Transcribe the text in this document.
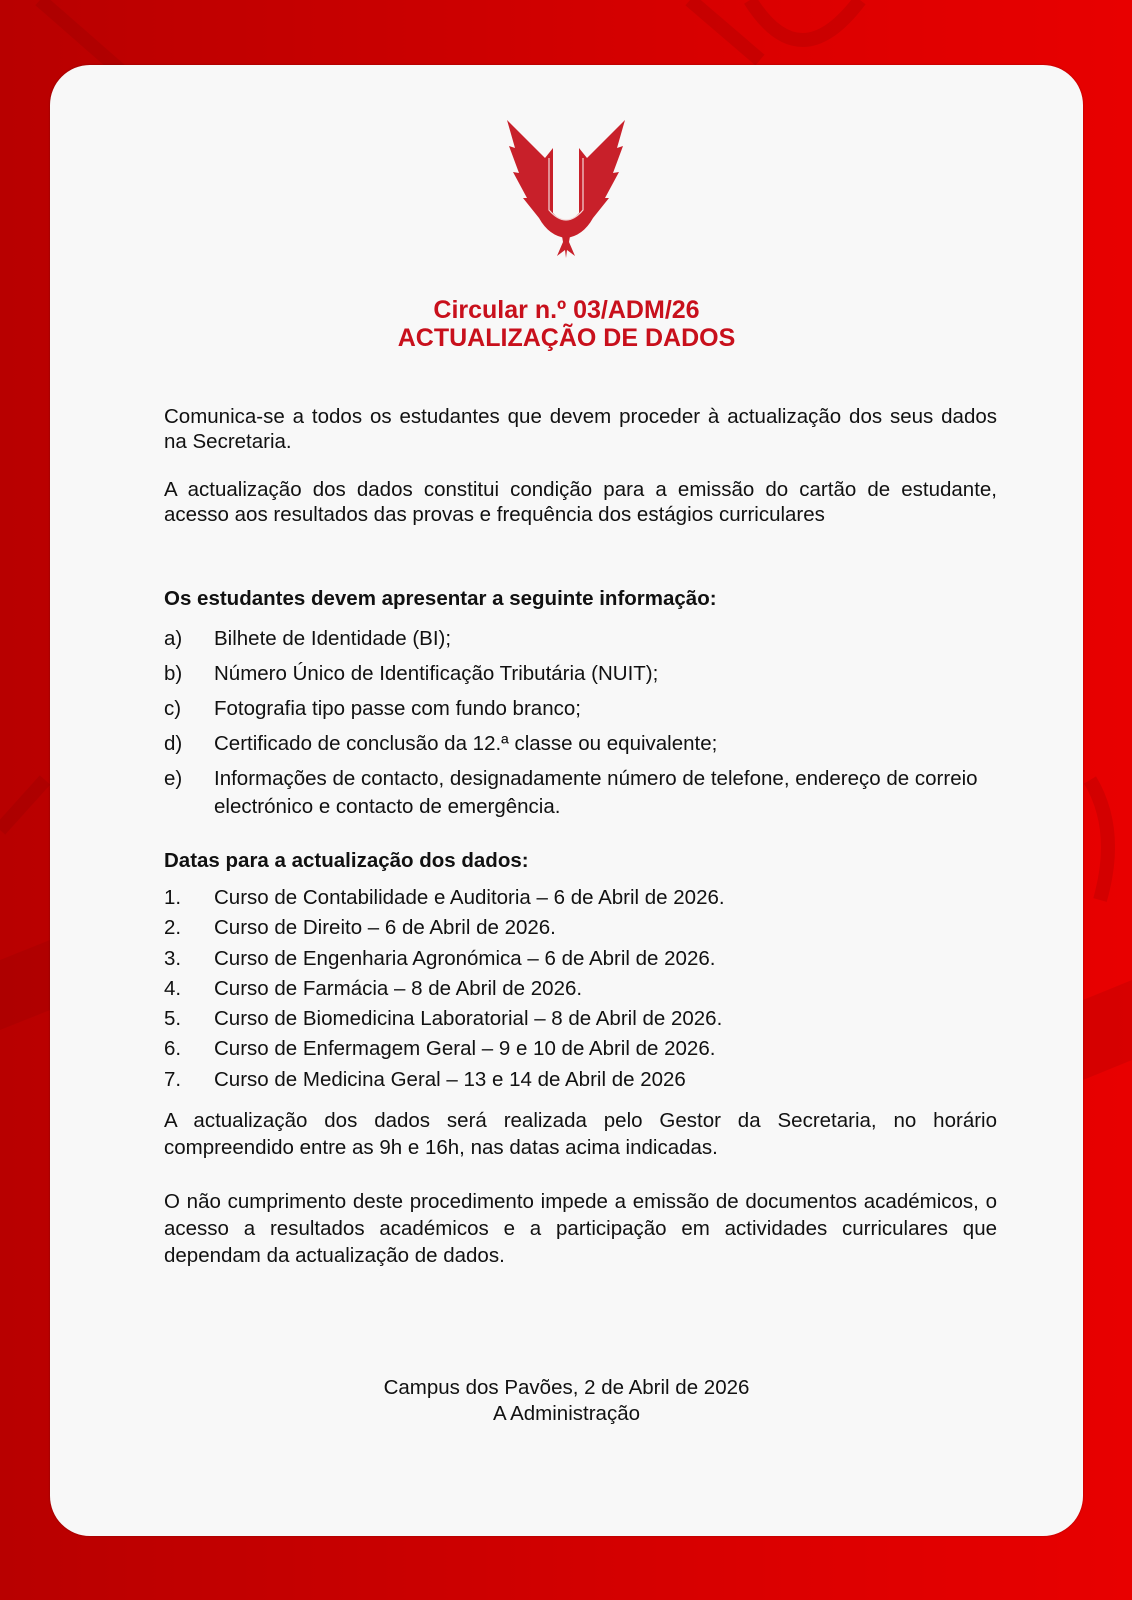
Circular n.º 03/ADM/26
ACTUALIZAÇÃO DE DADOS
Comunica-se a todos os estudantes que devem proceder à actualização dos seus dados na Secretaria.
A actualização dos dados constitui condição para a emissão do cartão de estudante, acesso aos resultados das provas e frequência dos estágios curriculares
Os estudantes devem apresentar a seguinte informação:
a)	Bilhete de Identidade (BI);
b)	Número Único de Identificação Tributária (NUIT);
c)	Fotografia tipo passe com fundo branco;
d)	Certificado de conclusão da 12.ª classe ou equivalente;
e)	Informações de contacto, designadamente número de telefone, endereço de correio electrónico e contacto de emergência.
Datas para a actualização dos dados:
1.	Curso de Contabilidade e Auditoria – 6 de Abril de 2026.
2.	Curso de Direito – 6 de Abril de 2026.
3.	Curso de Engenharia Agronómica – 6 de Abril de 2026.
4.	Curso de Farmácia – 8 de Abril de 2026.
5.	Curso de Biomedicina Laboratorial – 8 de Abril de 2026.
6.	Curso de Enfermagem Geral – 9 e 10 de Abril de 2026.
7.	Curso de Medicina Geral – 13 e 14 de Abril de 2026
A actualização dos dados será realizada pelo Gestor da Secretaria, no horário compreendido entre as 9h e 16h, nas datas acima indicadas.
O não cumprimento deste procedimento impede a emissão de documentos académicos, o acesso a resultados académicos e a participação em actividades curriculares que dependam da actualização de dados.
Campus dos Pavões, 2 de Abril de 2026
A Administração
